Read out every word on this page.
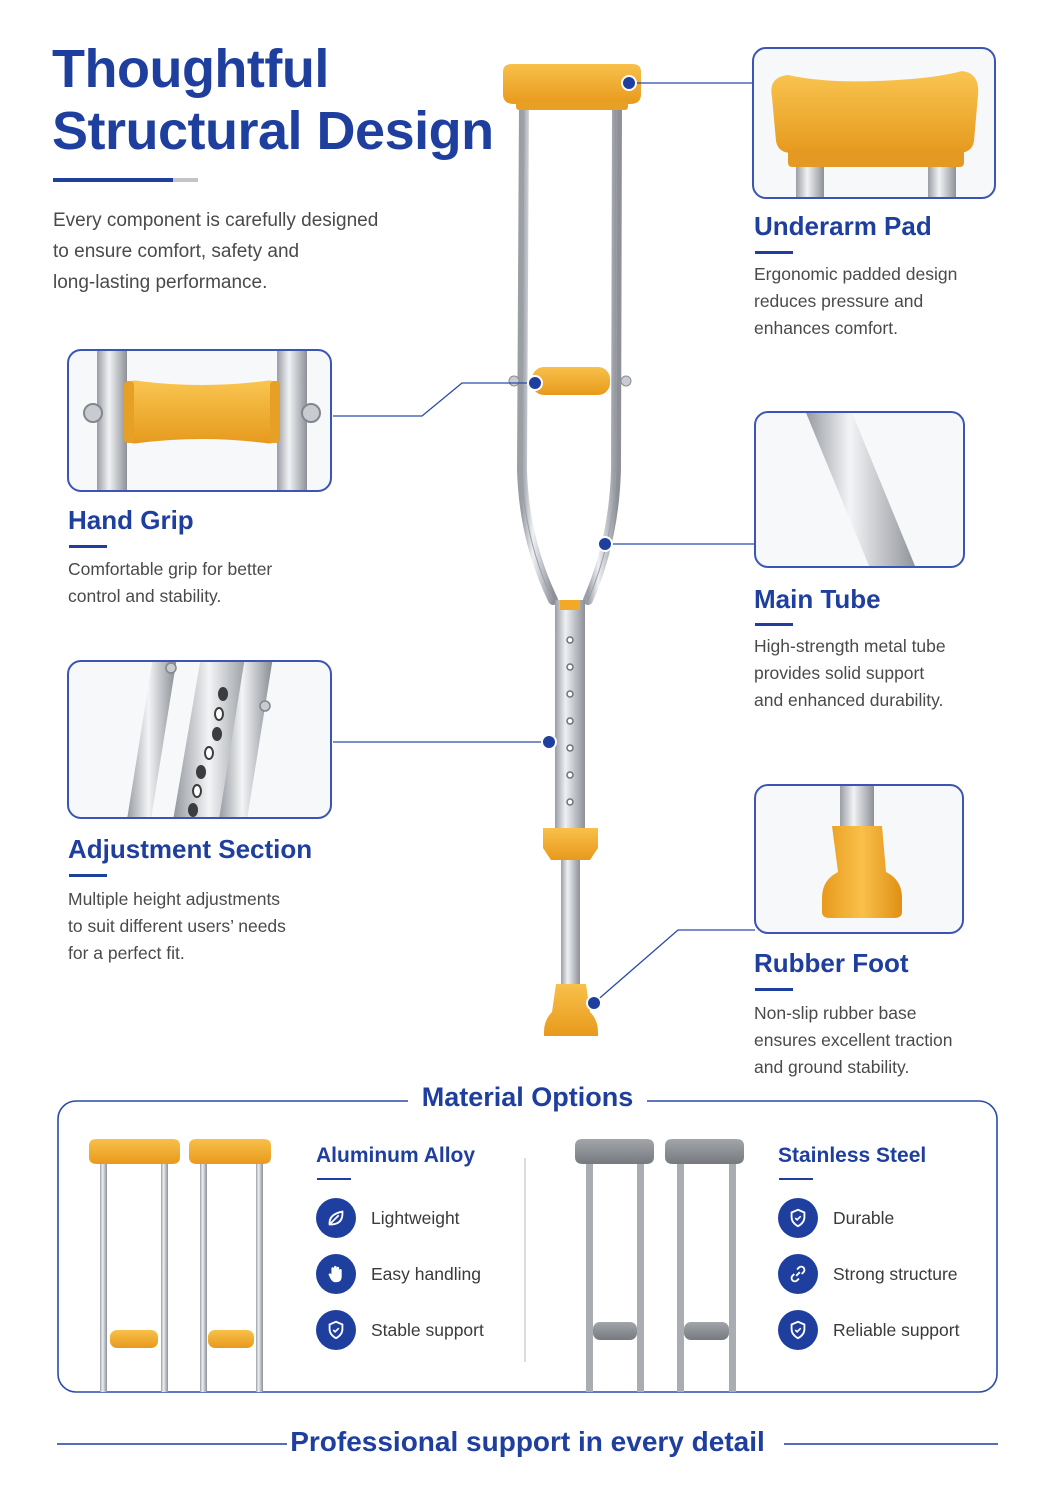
Thoughtful
Structural Design
Every component is carefully designed
to ensure comfort, safety and
long-lasting performance.
Underarm Pad
Ergonomic padded design
reduces pressure and
enhances comfort.
Hand Grip
Comfortable grip for better
control and stability.	Main Tube
High-strength metal tube
provides solid support
and enhanced durability.
Adjustment Section
Multiple height adjustments
to suit different users’ needs
for a perfect fit.	Rubber Foot
Non-slip rubber base
ensures excellent traction
and ground stability.
Material Options
Aluminum Alloy
Lightweight
Easy handling
Stable support
Stainless Steel
Durable
Strong structure
Reliable support
Professional support in every detail
